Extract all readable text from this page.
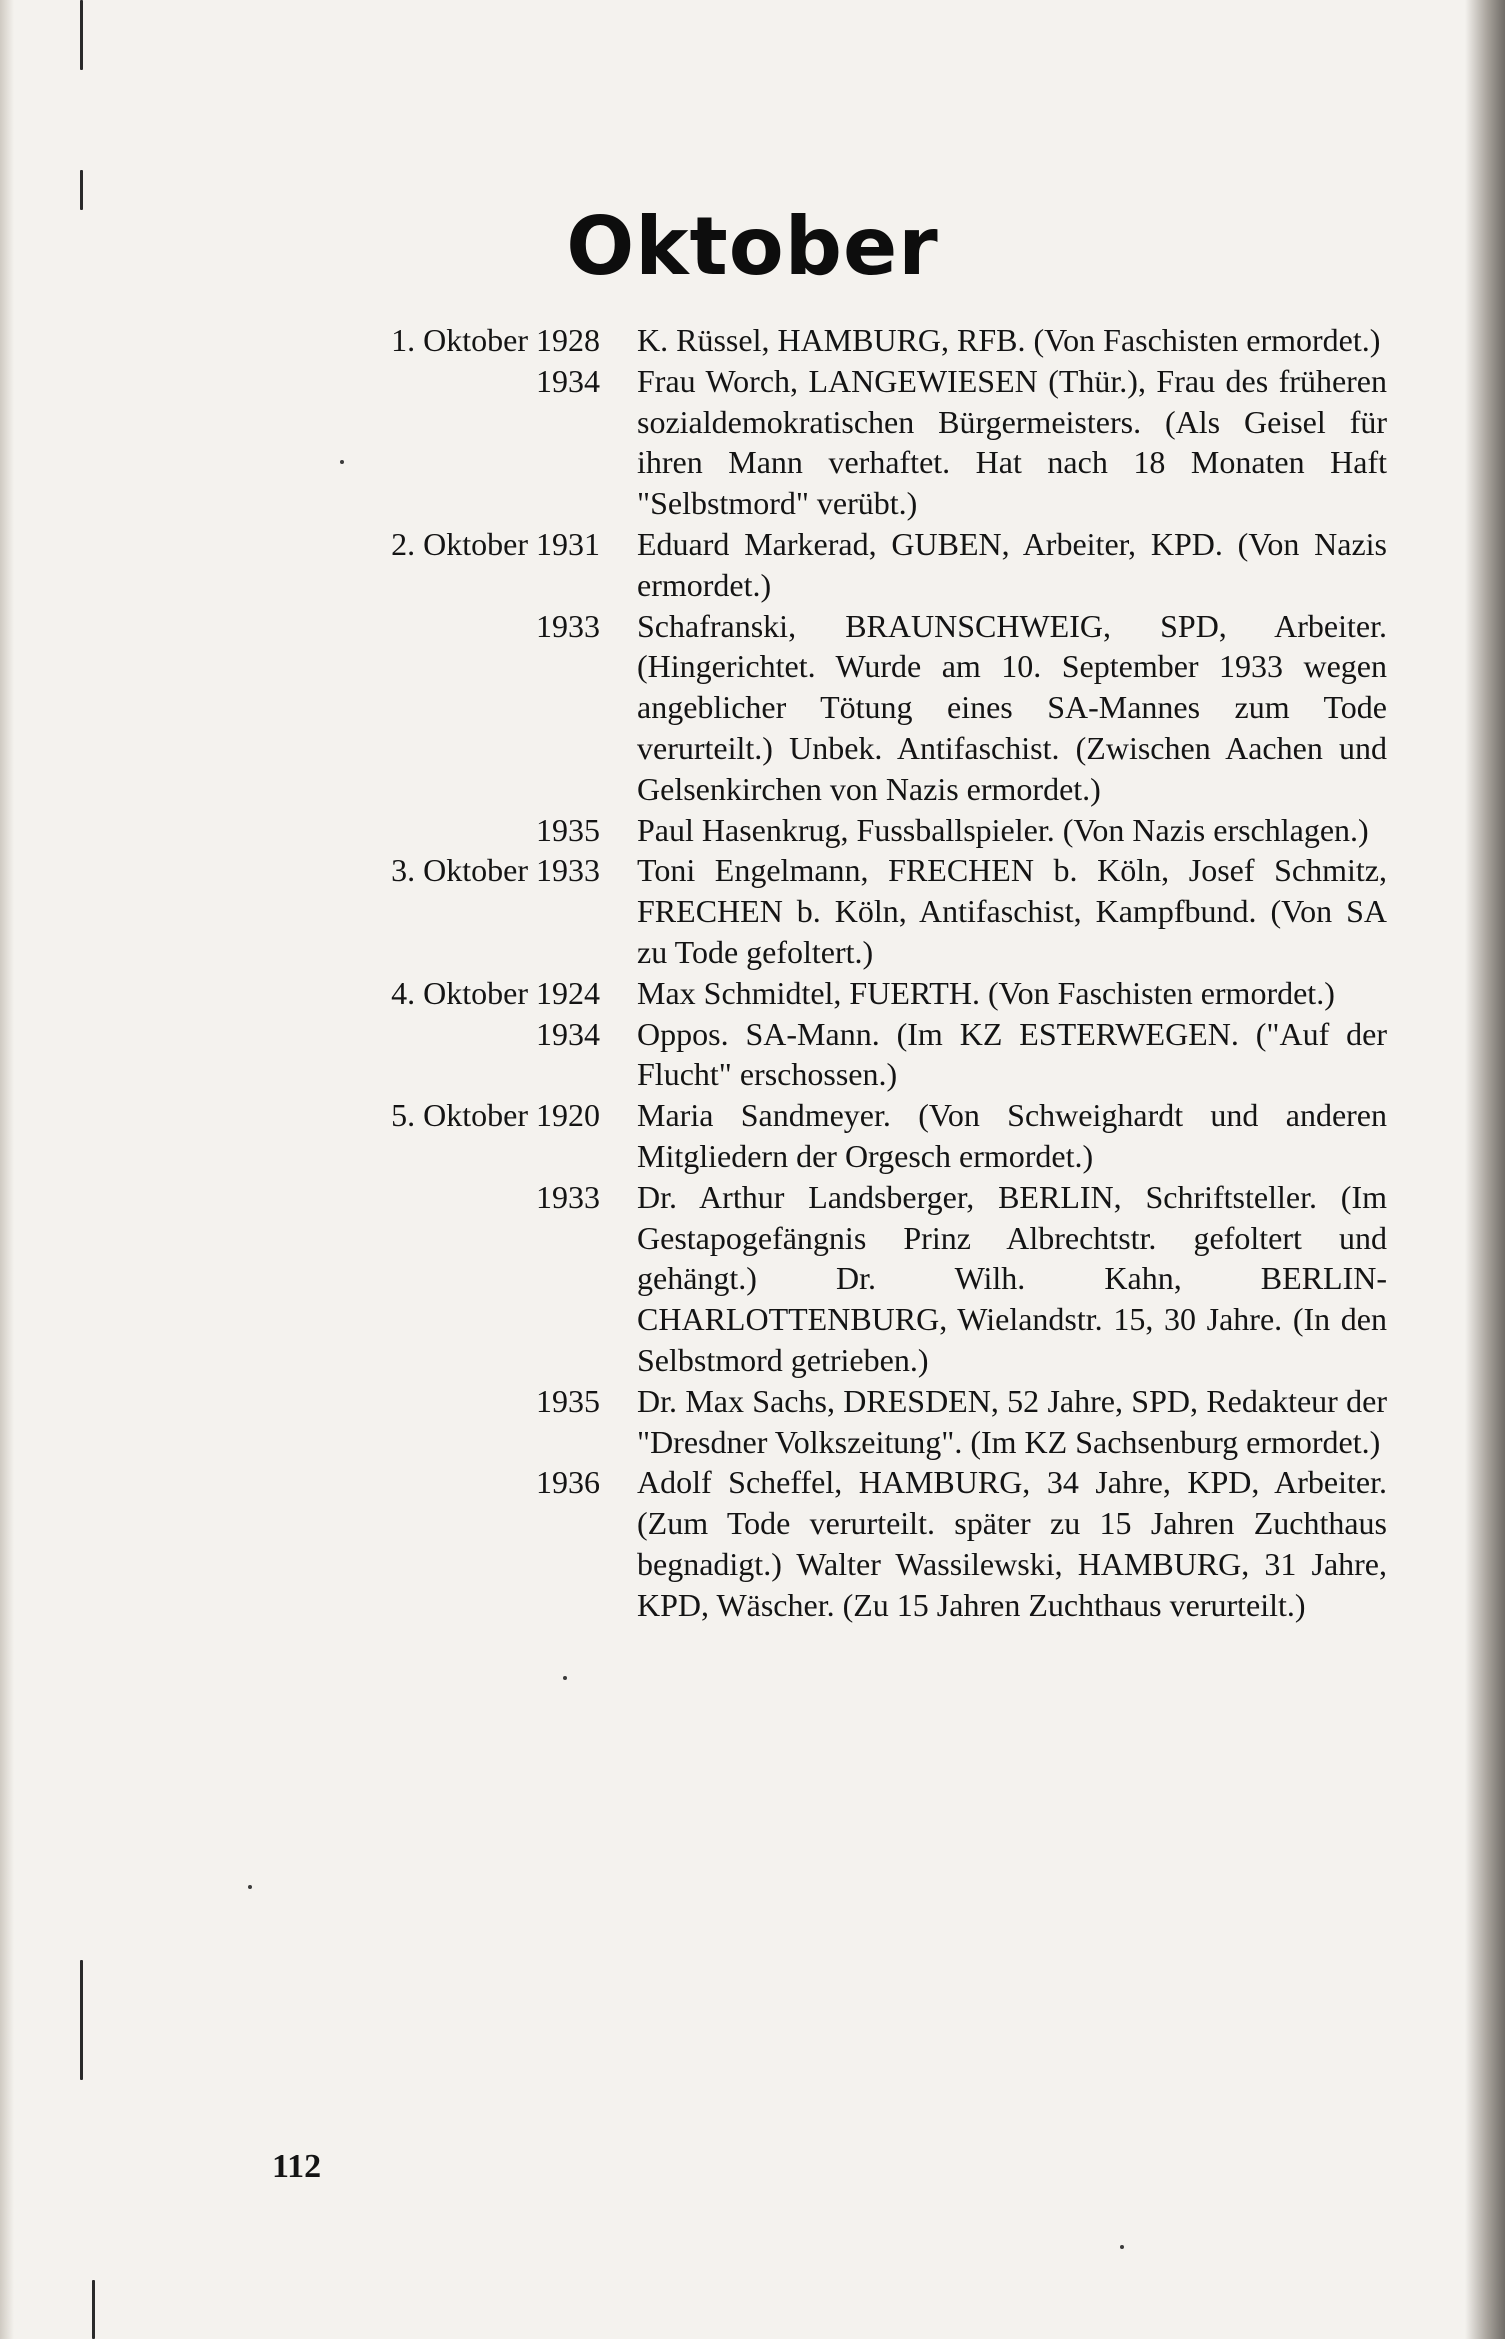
Oktober
1. Oktober 1928 K. Rüssel, HAMBURG, RFB. (Von Faschisten ermordet.)
1934 Frau Worch, LANGEWIESEN (Thür.), Frau des früheren sozialdemokratischen Bürgermeisters. (Als Geisel für ihren Mann verhaftet. Hat nach 18 Monaten Haft "Selbstmord" verübt.)
2. Oktober 1931 Eduard Markerad, GUBEN, Arbeiter, KPD. (Von Nazis ermordet.)
1933 Schafranski, BRAUNSCHWEIG, SPD, Arbeiter. (Hingerichtet. Wurde am 10. September 1933 wegen angeblicher Tötung eines SA-Mannes zum Tode verurteilt.) Unbek. Antifaschist. (Zwischen Aachen und Gelsenkirchen von Nazis ermordet.)
1935 Paul Hasenkrug, Fussballspieler. (Von Nazis erschlagen.)
3. Oktober 1933 Toni Engelmann, FRECHEN b. Köln, Josef Schmitz, FRECHEN b. Köln, Antifaschist, Kampfbund. (Von SA zu Tode gefoltert.)
4. Oktober 1924 Max Schmidtel, FUERTH. (Von Faschisten ermordet.)
1934 Oppos. SA-Mann. (Im KZ ESTERWEGEN. ("Auf der Flucht" erschossen.)
5. Oktober 1920 Maria Sandmeyer. (Von Schweighardt und anderen Mitgliedern der Orgesch ermordet.)
1933 Dr. Arthur Landsberger, BERLIN, Schriftsteller. (Im Gestapogefängnis Prinz Albrechtstr. gefoltert und gehängt.) Dr. Wilh. Kahn, BERLIN-CHARLOTTENBURG, Wielandstr. 15, 30 Jahre. (In den Selbstmord getrieben.)
1935 Dr. Max Sachs, DRESDEN, 52 Jahre, SPD, Redakteur der "Dresdner Volkszeitung". (Im KZ Sachsenburg ermordet.)
1936 Adolf Scheffel, HAMBURG, 34 Jahre, KPD, Arbeiter. (Zum Tode verurteilt. später zu 15 Jahren Zuchthaus begnadigt.) Walter Wassilewski, HAMBURG, 31 Jahre, KPD, Wäscher. (Zu 15 Jahren Zuchthaus verurteilt.)
112
